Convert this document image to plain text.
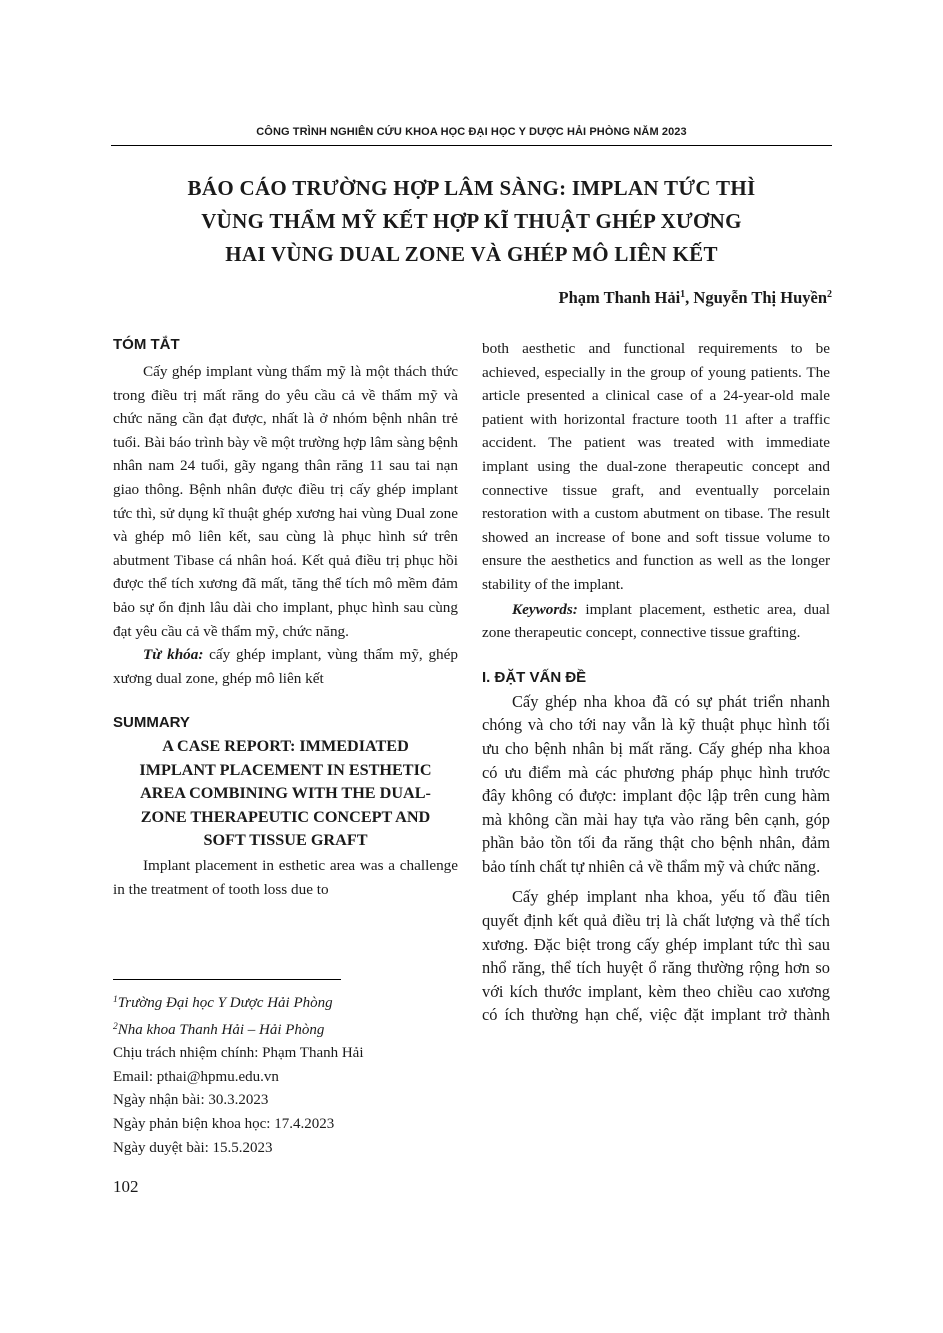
CÔNG TRÌNH NGHIÊN CỨU KHOA HỌC ĐẠI HỌC Y DƯỢC HẢI PHÒNG NĂM 2023
BÁO CÁO TRƯỜNG HỢP LÂM SÀNG: IMPLAN TỨC THÌ
VÙNG THẨM MỸ KẾT HỢP KĨ THUẬT GHÉP XƯƠNG
HAI VÙNG DUAL ZONE VÀ GHÉP MÔ LIÊN KẾT
Phạm Thanh Hải$^1$, Nguyễn Thị Huyền$^2$
TÓM TẮT

Cấy ghép implant vùng thẩm mỹ là một thách thức trong điều trị mất răng do yêu cầu cả về thẩm mỹ và chức năng cần đạt được, nhất là ở nhóm bệnh nhân trẻ tuổi. Bài báo trình bày về một trường hợp lâm sàng bệnh nhân nam 24 tuổi, gãy ngang thân răng 11 sau tai nạn giao thông. Bệnh nhân được điều trị cấy ghép implant tức thì, sử dụng kĩ thuật ghép xương hai vùng Dual zone và ghép mô liên kết, sau cùng là phục hình sứ trên abutment Tibase cá nhân hoá. Kết quả điều trị phục hồi được thể tích xương đã mất, tăng thể tích mô mềm đảm bảo sự ổn định lâu dài cho implant, phục hình sau cùng đạt yêu cầu cả về thẩm mỹ, chức năng.

Từ khóa: cấy ghép implant, vùng thẩm mỹ, ghép xương dual zone, ghép mô liên kết

SUMMARY
A CASE REPORT: IMMEDIATED
IMPLANT PLACEMENT IN ESTHETIC
AREA COMBINING WITH THE DUAL-
ZONE THERAPEUTIC CONCEPT AND
SOFT TISSUE GRAFT

Implant placement in esthetic area was a challenge in the treatment of tooth loss due to

$^1$Trường Đại học Y Dược Hải Phòng
$^2$Nha khoa Thanh Hải – Hải Phòng
Chịu trách nhiệm chính: Phạm Thanh Hải
Email: pthai@hpmu.edu.vn
Ngày nhận bài: 30.3.2023
Ngày phản biện khoa học: 17.4.2023
Ngày duyệt bài: 15.5.2023

both aesthetic and functional requirements to be achieved, especially in the group of young patients. The article presented a clinical case of a 24-year-old male patient with horizontal fracture tooth 11 after a traffic accident. The patient was treated with immediate implant using the dual-zone therapeutic concept and connective tissue graft, and eventually porcelain restoration with a custom abutment on tibase. The result showed an increase of bone and soft tissue volume to ensure the aesthetics and function as well as the longer stability of the implant.

Keywords: implant placement, esthetic area, dual zone therapeutic concept, connective tissue grafting.

I. ĐẶT VẤN ĐỀ

Cấy ghép nha khoa đã có sự phát triển nhanh chóng và cho tới nay vẫn là kỹ thuật phục hình tối ưu cho bệnh nhân bị mất răng. Cấy ghép nha khoa có ưu điểm mà các phương pháp phục hình trước đây không có được: implant độc lập trên cung hàm mà không cần mài hay tựa vào răng bên cạnh, góp phần bảo tồn tối đa răng thật cho bệnh nhân, đảm bảo tính chất tự nhiên cả về thẩm mỹ và chức năng.

Cấy ghép implant nha khoa, yếu tố đầu tiên quyết định kết quả điều trị là chất lượng và thể tích xương. Đặc biệt trong cấy ghép implant tức thì sau nhổ răng, thể tích huyệt ổ răng thường rộng hơn so với kích thước implant, kèm theo chiều cao xương có ích thường hạn chế, việc đặt implant trở thành

102
